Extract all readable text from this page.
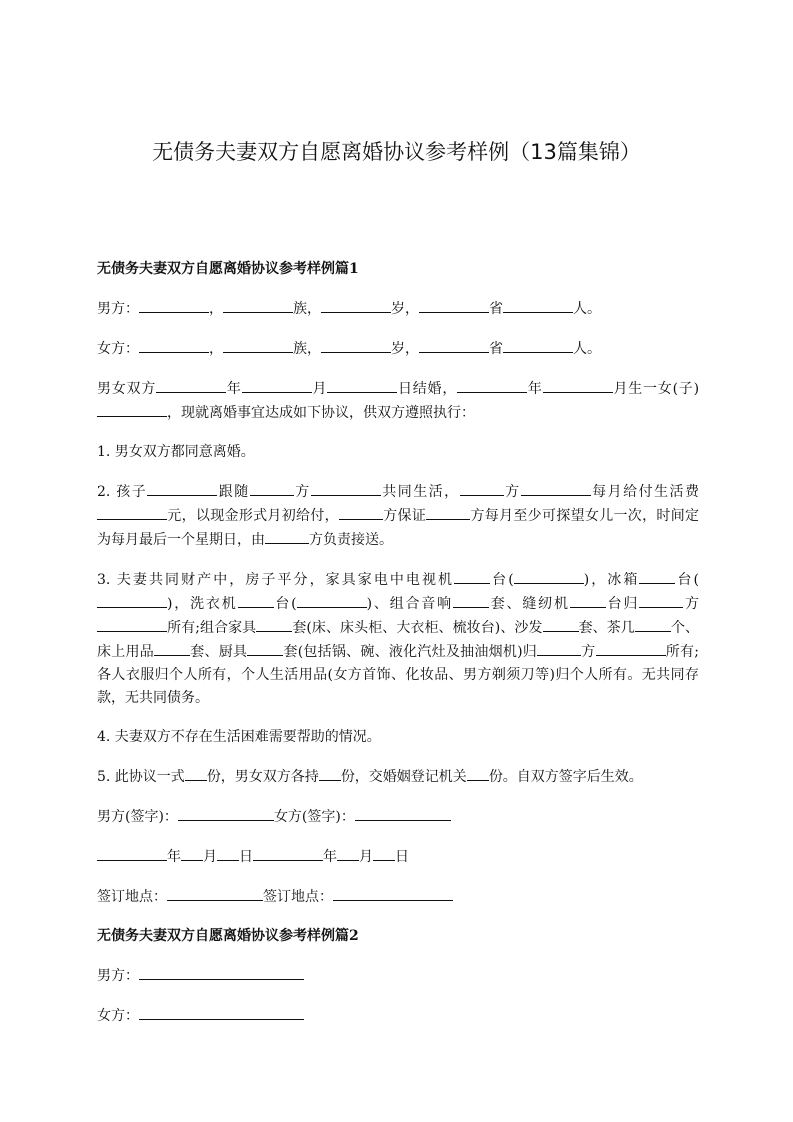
无债务夫妻双方自愿离婚协议参考样例（13篇集锦）
无债务夫妻双方自愿离婚协议参考样例篇1
男方：	，	族，	岁，	省	人。
女方：	，	族，	岁，	省	人。
男女双方	年	月	日结婚，	年	月生一女(子)，现就离婚事宜达成如下协议，供双方遵照执行：
1. 男女双方都同意离婚。
2. 孩子	跟随	方	共同生活，	方	每月给付生活费元，以现金形式月初给付，	方保证	方每月至少可探望女儿一次，时间定为每月最后一个星期日，由	方负责接送。
3. 夫妻共同财产中，房子平分，家具家电中电视机	台(	)，冰箱	台()，洗衣机	台(	)、组合音响	套、缝纫机	台归	方所有;组合家具	套(床、床头柜、大衣柜、梳妆台)、沙发	套、茶几	个、床上用品	套、厨具	套(包括锅、碗、液化汽灶及抽油烟机)归	方	所有;各人衣服归个人所有，个人生活用品(女方首饰、化妆品、男方剃须刀等)归个人所有。无共同存款，无共同债务。
4. 夫妻双方不存在生活困难需要帮助的情况。
5. 此协议一式 份，男女双方各持 份，交婚姻登记机关 份。自双方签字后生效。
男方(签字)：	女方(签字)：
年 月 日	年 月 日
签订地点：	签订地点：
无债务夫妻双方自愿离婚协议参考样例篇2
男方：
女方：
